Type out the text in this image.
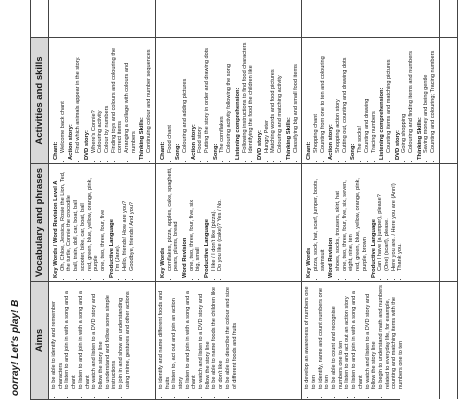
oorray! Let's play! B	Aims
Vocabulary and phrases
Activities and skills
• to be able to identify and remember characters • to listen to and join in with a song and a chant • to listen to and join in with a song and a chant • to watch and listen to a DVD story and follow the story line • to understand and follow some simple instructions • to join in and show an understanding using mime, gestures and other actions
Key Words / Word Revision Level A • Oh, Chloe, Jessica, Rosie the Lion, Ted, the turtle, Connie the crocodile • ball, train, doll, car, boat, ball • scooter, bike, car, boat, ball • red, green, blue, yellow, orange, pink, purple • one, two, three, four, five Productive Language • I'm (Jane). • Hello, friends! How are you? • Goodbye, friends! And you?
Chant: • Welcome back chant Action story: • Find which animals appear in the story. DVD story: • Where's Connie? • Colouring activity • Colour by numbers • Finding toys and colours and colouring the correct items • Arranging a collage with colours and numbers Thinking Skills: • Continuing colour and number sequences
• to identify and name different foods and fruits • to listen to, act out and join an action story • to listen to and join in with a song and a chant • to watch and listen to a DVD story and follow the story line • to be able to name foods the children like or don't like • to be able to describe the colour and size of different foods and fruits
Key Words • cornflakes, pizza, apples, cake, spaghetti, pears, plums, bread Word Revision • one, two, three, four, five, six • big, small Productive Language • I like / I don't like (pizza). • Do you like (cake)? Yes / No.
Chant: • Food chant Song: • Colouring and adding pictures Action story: • Food story • Putting the story in order and drawing dots Song: • The cornflakes • Colouring activity following the song Listening comprehension: • Following instructions to find food characters • Identifying the food the children like DVD story: • Hungry Peter • Matching words and food pictures • Colouring and matching activity Thinking Skills: • Classifying big and small food items
• to develop an awareness of numbers one to ten • to identify, name and count numbers one to ten • to be able to count and recognise numbers one to ten • to listen to and act out an action story • to listen to and join in with a song and a chant • to watch and listen to a DVD story and follow the story line • to begin to understand math and numbers related to everyday life, for example, counting and matching items with the numbers one to ten
Key Words • pizza, sock, hat, scarf, jumper, boots, swimsuit Word Revision • shoes, socks, trousers, skirt, hat • one, two, three, four, five, six, seven, eight, nine, ten • red, green, blue, yellow, orange, pink, purple, brown Productive Language • Can I have (a jumper), please? • (One) (scarf), please. • Here you are. / Here you are (Ann!) • Thank you.
Chant: • Shopping chant • Counting from one to ten and colouring Action story: • Shopping action story • Cutting out, counting and drawing dots Song: • The socks! • Counting and drawing • Tracing numbers Listening comprehension: • Counting items and matching pictures DVD story: • Going shopping • Colouring and finding items and numbers Thinking Skills: • Saving money and being gentle • Counting and colouring; Tracing numbers
